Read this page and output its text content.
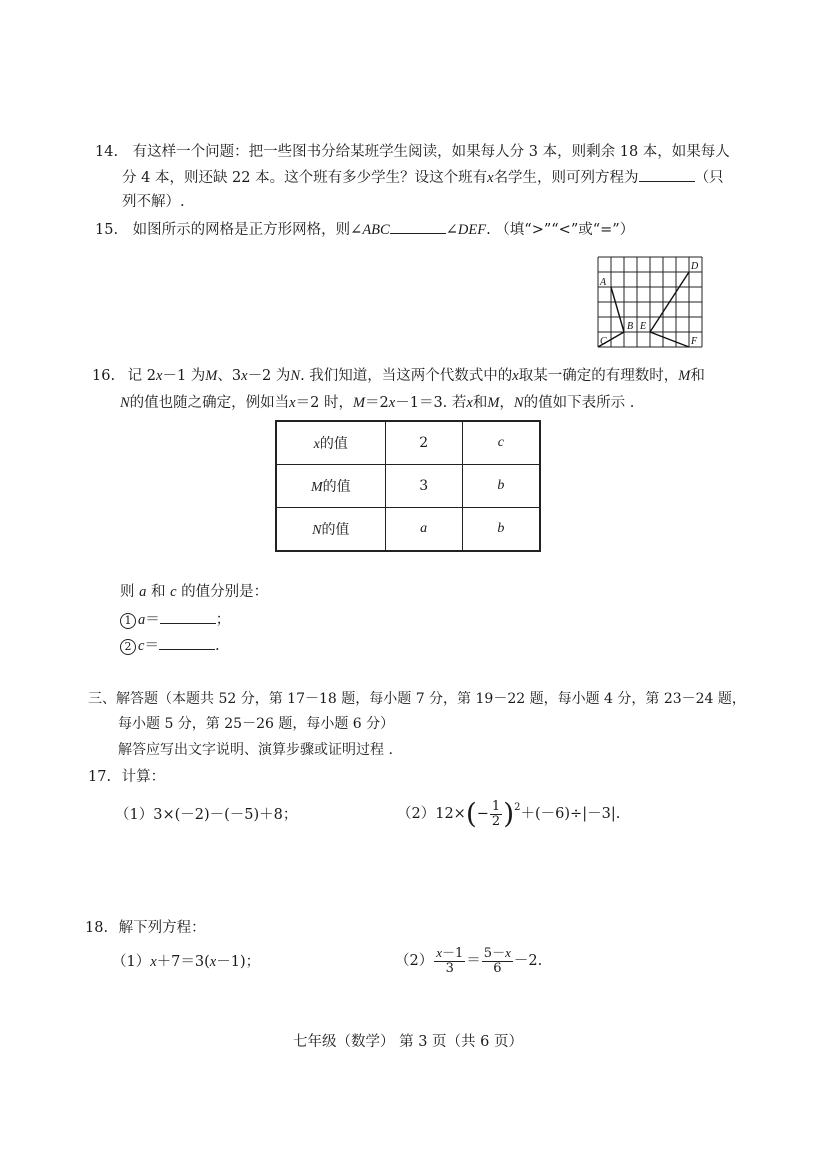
14. 有这样一个问题：把一些图书分给某班学生阅读，如果每人分 3 本，则剩余 18 本，如果每人
分 4 本，则还缺 22 本。这个班有多少学生？设这个班有x名学生，则可列方程为	（只
列不解）.
15. 如图所示的网格是正方形网格，则∠ABC	∠DEF. （填“>”“<”或“=”）
D
A
B E
C	F
16. 记 2x－1 为M、3x－2 为N. 我们知道，当这两个代数式中的x取某一确定的有理数时，M和
N的值也随之确定，例如当x＝2 时，M＝2x－1＝3. 若x和M，N的值如下表所示 .
x的值	2	c
M的值	3	b
N的值	a	b
则 a 和 c 的值分别是：
1 a＝	；
2 c＝	.
三、解答题（本题共 52 分，第 17－18 题，每小题 7 分，第 19－22 题，每小题 4 分，第 23－24 题，
每小题 5 分，第 25－26 题，每小题 6 分）
解答应写出文字说明、演算步骤或证明过程 .
17. 计算：
（1）3×(－2)－(－5)＋8；	$(2)12\times(- \frac{1}{2} )^2+(-6)\div|-3|$.
18. 解下列方程：
（1）x＋7＝3(x－1)；	$(2) \frac{x-1}{3} = \frac{5-x}{6} -2$.
七年级（数学） 第 3 页（共 6 页）
